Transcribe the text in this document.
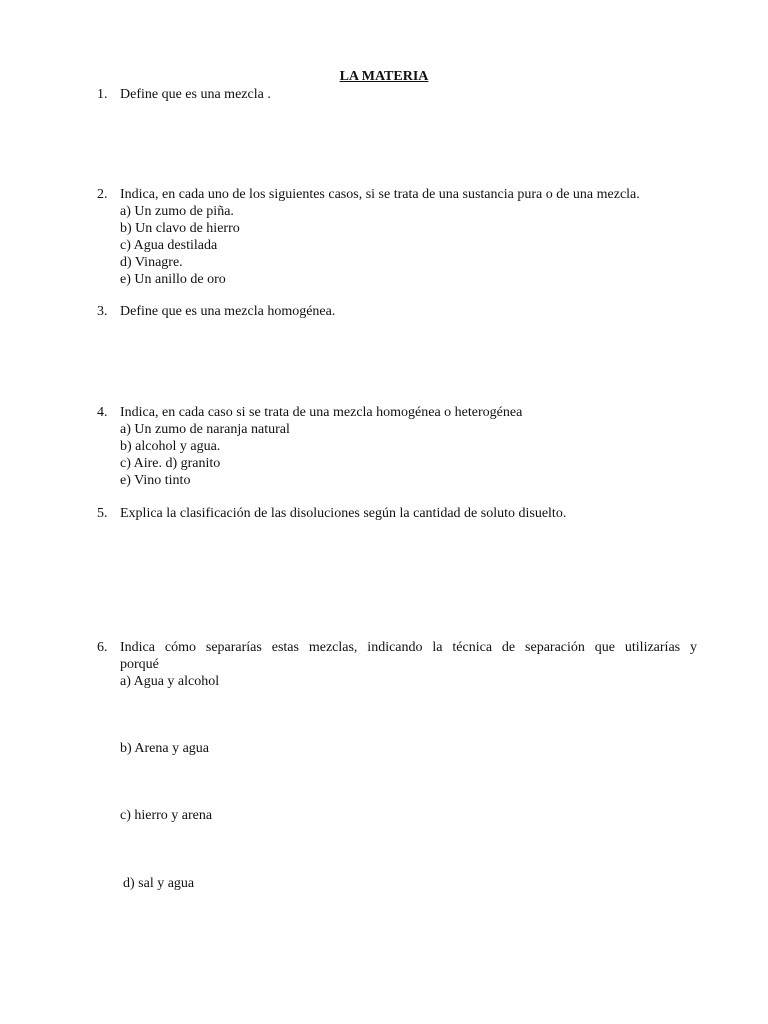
LA MATERIA
1. Define que es una mezcla .
2. Indica, en cada uno de los siguientes casos, si se trata de una sustancia pura o de una mezcla.
a) Un zumo de piña.
b) Un clavo de hierro
c) Agua destilada
d) Vinagre.
e) Un anillo de oro
3. Define que es una mezcla homogénea.
4. Indica, en cada caso si se trata de una mezcla homogénea o heterogénea
a) Un zumo de naranja natural
b) alcohol y agua.
c) Aire. d) granito
e) Vino tinto
5. Explica la clasificación de las disoluciones según la cantidad de soluto disuelto.
6. Indica cómo separarías estas mezclas, indicando la técnica de separación que utilizarías y
porqué
a) Agua y alcohol
b) Arena y agua
c) hierro y arena
d) sal y agua
